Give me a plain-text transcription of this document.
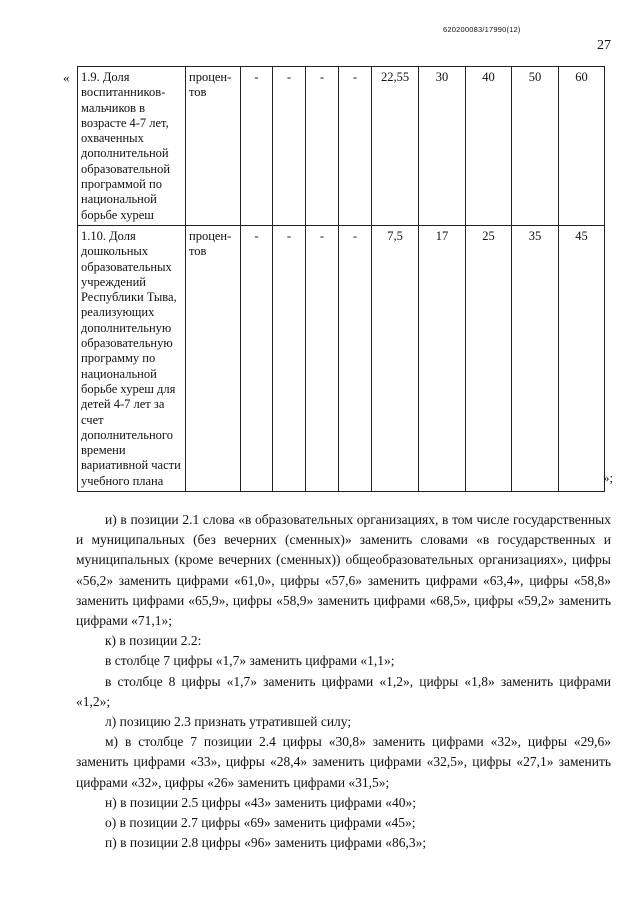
620200083/17990(12)
27
« 1.9. Доля воспитанников-мальчиков в возрасте 4-7 лет, охваченных дополнительной образовательной программой по национальной борьбе хуреш	процен-тов	-	-	-	-	22,55	30	40	50	60
1.10. Доля дошкольных образовательных учреждений Республики Тыва, реализующих дополнительную образовательную программу по национальной борьбе хуреш для детей 4-7 лет за счет дополнительного времени вариативной части учебного плана	процен-тов	-	-	-	-	7,5	17	25	35	45
»;

и) в позиции 2.1 слова «в образовательных организациях, в том числе государственных и муниципальных (без вечерних (сменных)» заменить словами «в государственных и муниципальных (кроме вечерних (сменных)) общеобразовательных организациях», цифры «56,2» заменить цифрами «61,0», цифры «57,6» заменить цифрами «63,4», цифры «58,8» заменить цифрами «65,9», цифры «58,9» заменить цифрами «68,5», цифры «59,2» заменить цифрами «71,1»;

к) в позиции 2.2:

в столбце 7 цифры «1,7» заменить цифрами «1,1»;

в столбце 8 цифры «1,7» заменить цифрами «1,2», цифры «1,8» заменить цифрами «1,2»;

л) позицию 2.3 признать утратившей силу;

м) в столбце 7 позиции 2.4 цифры «30,8» заменить цифрами «32», цифры «29,6» заменить цифрами «33», цифры «28,4» заменить цифрами «32,5», цифры «27,1» заменить цифрами «32», цифры «26» заменить цифрами «31,5»;

н) в позиции 2.5 цифры «43» заменить цифрами «40»;

о) в позиции 2.7 цифры «69» заменить цифрами «45»;

п) в позиции 2.8 цифры «96» заменить цифрами «86,3»;
